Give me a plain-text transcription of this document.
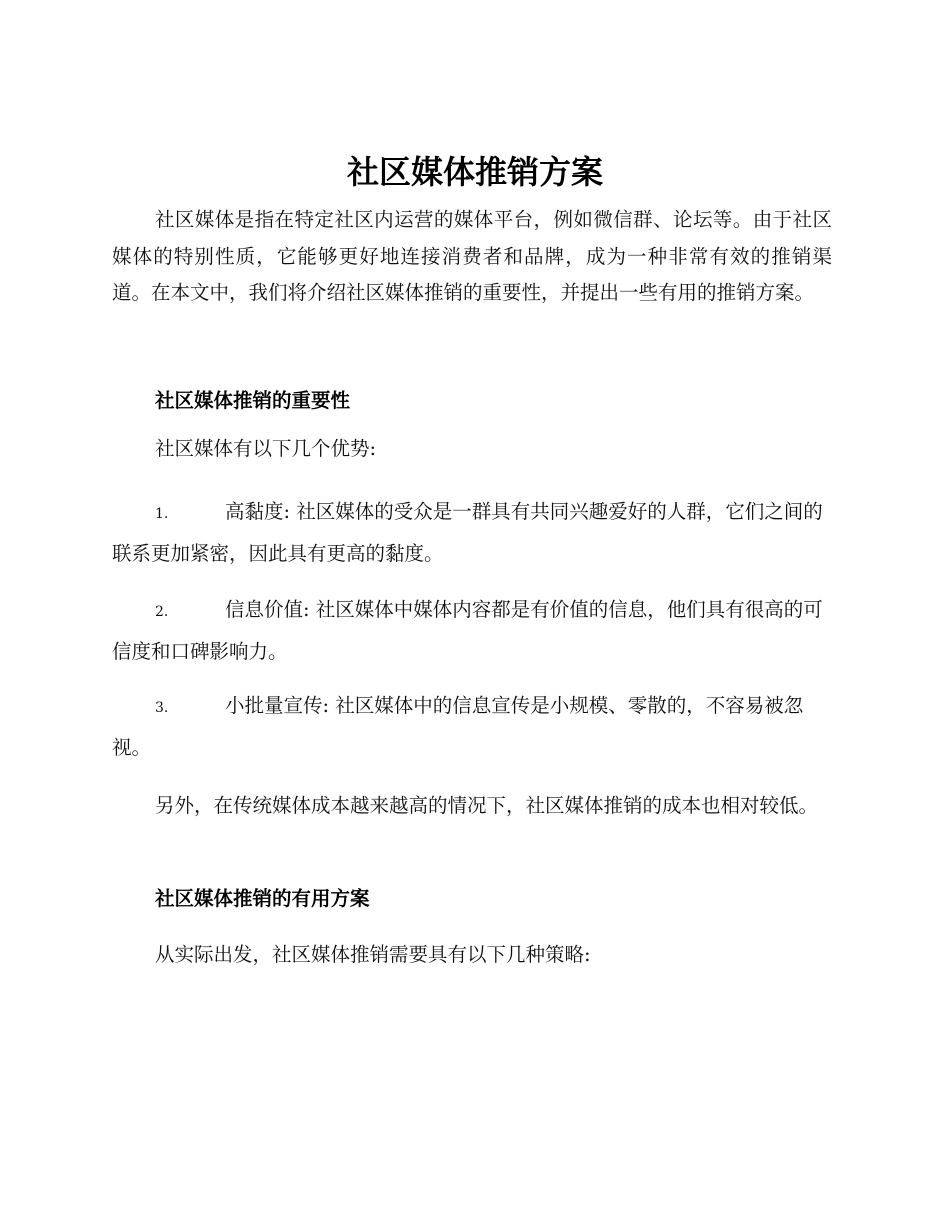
社区媒体推销方案

社区媒体是指在特定社区内运营的媒体平台，例如微信群、论坛等。由于社区媒体的特别性质，它能够更好地连接消费者和品牌，成为一种非常有效的推销渠道。在本文中，我们将介绍社区媒体推销的重要性，并提出一些有用的推销方案。

社区媒体推销的重要性

社区媒体有以下几个优势:

1.	高黏度: 社区媒体的受众是一群具有共同兴趣爱好的人群，它们之间的联系更加紧密，因此具有更高的黏度。

2.	信息价值: 社区媒体中媒体内容都是有价值的信息，他们具有很高的可信度和口碑影响力。

3.	小批量宣传: 社区媒体中的信息宣传是小规模、零散的，不容易被忽视。

另外，在传统媒体成本越来越高的情况下，社区媒体推销的成本也相对较低。

社区媒体推销的有用方案

从实际出发，社区媒体推销需要具有以下几种策略:
